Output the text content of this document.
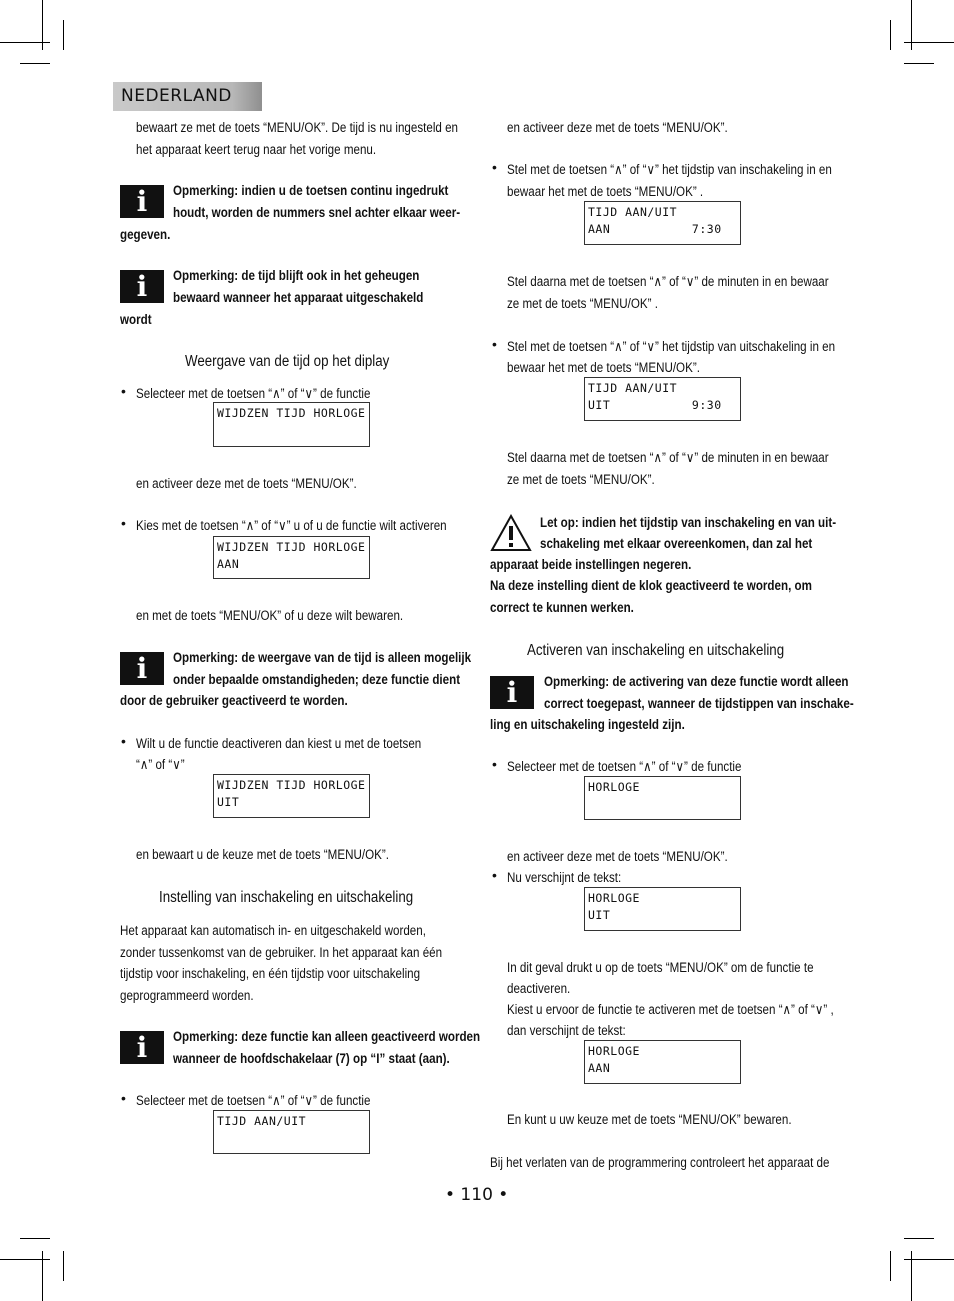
NEDERLAND
bewaart ze met de toets “MENU/OK”. De tijd is nu ingesteld en
het apparaat keert terug naar het vorige menu.
i	Opmerking: indien u de toetsen continu ingedrukt
houdt, worden de nummers snel achter elkaar weer-
gegeven.
i	Opmerking: de tijd blijft ook in het geheugen
bewaard wanneer het apparaat uitgeschakeld
wordt
Weergave van de tijd op het diplay
• Selecteer met de toetsen “∧” of “∨” de functie
WIJDZEN TIJD HORLOGE
en activeer deze met de toets “MENU/OK”.
• Kies met de toetsen “∧” of “∨” u of u de functie wilt activeren
WIJDZEN TIJD HORLOGE
AAN
en met de toets “MENU/OK” of u deze wilt bewaren.
i	Opmerking: de weergave van de tijd is alleen mogelijk
onder bepaalde omstandigheden; deze functie dient
door de gebruiker geactiveerd te worden.
• Wilt u de functie deactiveren dan kiest u met de toetsen
“∧” of “∨”
WIJDZEN TIJD HORLOGE
UIT
en bewaart u de keuze met de toets “MENU/OK”.
Instelling van inschakeling en uitschakeling
Het apparaat kan automatisch in- en uitgeschakeld worden,
zonder tussenkomst van de gebruiker. In het apparaat kan één
tijdstip voor inschakeling, en één tijdstip voor uitschakeling
geprogrammeerd worden.
i	Opmerking: deze functie kan alleen geactiveerd worden
wanneer de hoofdschakelaar (7) op “I” staat (aan).
• Selecteer met de toetsen “∧” of “∨” de functie
TIJD AAN/UIT
en activeer deze met de toets “MENU/OK”.
• Stel met de toetsen “∧” of “∨” het tijdstip van inschakeling in en
bewaar het met de toets “MENU/OK” .
TIJD AAN/UIT
AAN           7:30
Stel daarna met de toetsen “∧” of “∨” de minuten in en bewaar
ze met de toets “MENU/OK” .
• Stel met de toetsen “∧” of “∨” het tijdstip van uitschakeling in en
bewaar het met de toets “MENU/OK”.
TIJD AAN/UIT
UIT           9:30
Stel daarna met de toetsen “∧” of “∨” de minuten in en bewaar
ze met de toets “MENU/OK”.
Let op: indien het tijdstip van inschakeling en van uit-
schakeling met elkaar overeenkomen, dan zal het
apparaat beide instellingen negeren.
Na deze instelling dient de klok geactiveerd te worden, om
correct te kunnen werken.
Activeren van inschakeling en uitschakeling
i	Opmerking: de activering van deze functie wordt alleen
correct toegepast, wanneer de tijdstippen van inschake-
ling en uitschakeling ingesteld zijn.
• Selecteer met de toetsen “∧” of “∨” de functie
HORLOGE
en activeer deze met de toets “MENU/OK”.
• Nu verschijnt de tekst:
HORLOGE
UIT
In dit geval drukt u op de toets “MENU/OK” om de functie te
deactiveren.
Kiest u ervoor de functie te activeren met de toetsen “∧” of “∨” ,
dan verschijnt de tekst:
HORLOGE
AAN
En kunt u uw keuze met de toets “MENU/OK” bewaren.
Bij het verlaten van de programmering controleert het apparaat de
• 110 •
